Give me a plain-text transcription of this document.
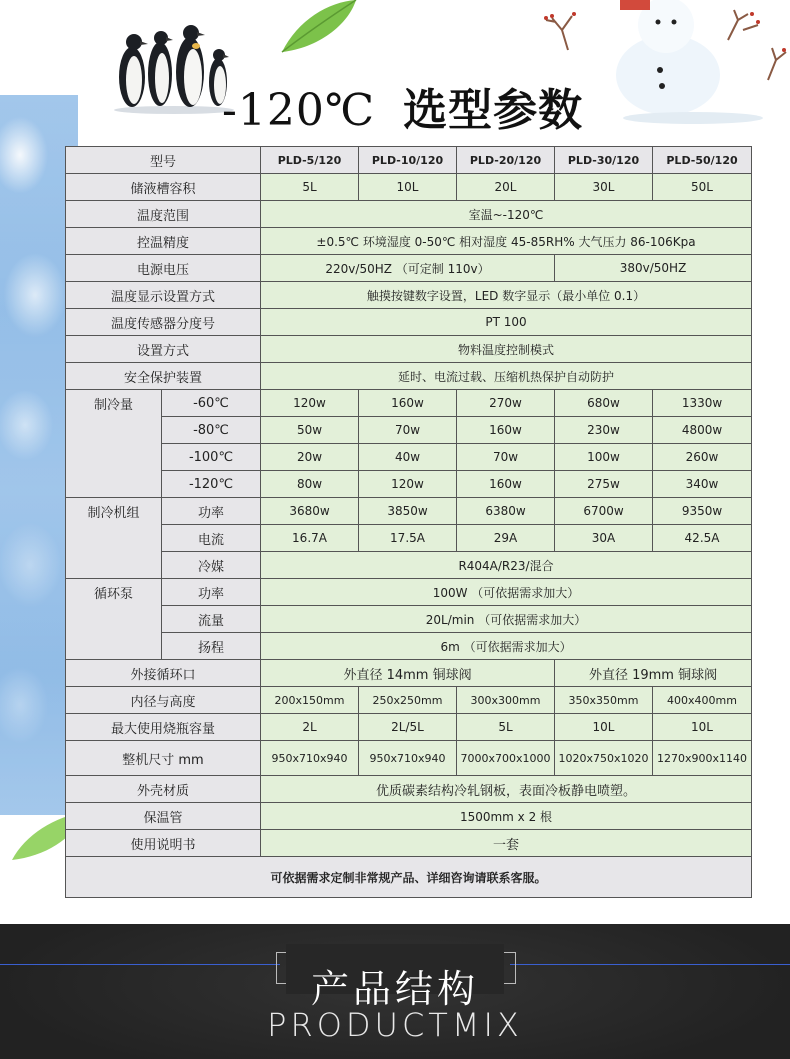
-120℃ 选型参数
型号		PLD-5/120	PLD-10/120	PLD-20/120	PLD-30/120	PLD-50/120
储液槽容积		5L	10L	20L	30L	50L
温度范围		室温~-120℃				
控温精度		±0.5℃ 环境湿度 0-50℃ 相对湿度 45-85RH% 大气压力 86-106Kpa				
电源电压		220v/50HZ （可定制 110v）			380v/50HZ	
温度显示设置方式		触摸按键数字设置，LED 数字显示（最小单位 0.1）				
温度传感器分度号		PT 100				
设置方式		物料温度控制模式				
安全保护装置		延时、电流过载、压缩机热保护自动防护				
制冷量	-60℃	120w	160w	270w	680w	1330w
	-80℃	50w	70w	160w	230w	4800w
	-100℃	20w	40w	70w	100w	260w
	-120℃	80w	120w	160w	275w	340w
制冷机组	功率	3680w	3850w	6380w	6700w	9350w
	电流	16.7A	17.5A	29A	30A	42.5A
	冷媒	R404A/R23/混合				
循环泵	功率	100W （可依据需求加大）				
	流量	20L/min （可依据需求加大）				
	扬程	6m （可依据需求加大）				
外接循环口		外直径 14mm 铜球阀			外直径 19mm 铜球阀	
内径与高度		200x150mm	250x250mm	300x300mm	350x350mm	400x400mm
最大使用烧瓶容量		2L	2L/5L	5L	10L	10L
整机尺寸 mm		950x710x940	950x710x940	7000x700x1000	1020x750x1020	1270x900x1140
外壳材质		优质碳素结构冷轧钢板，表面冷板静电喷塑。				
保温管		1500mm x 2 根				
使用说明书		一套				
可依据需求定制非常规产品、详细咨询请联系客服。						
产品结构
PRODUCTMIX
